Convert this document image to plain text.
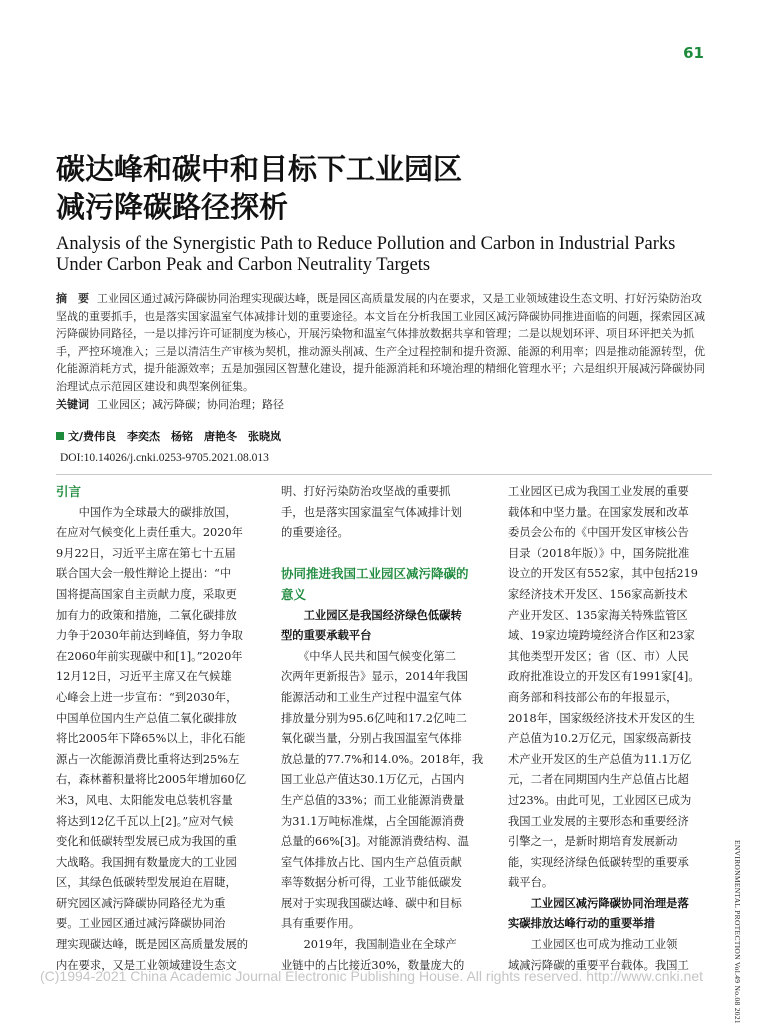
61
碳达峰和碳中和目标下工业园区
减污降碳路径探析
Analysis of the Synergistic Path to Reduce Pollution and Carbon in Industrial Parks
Under Carbon Peak and Carbon Neutrality Targets
摘　要 工业园区通过减污降碳协同治理实现碳达峰，既是园区高质量发展的内在要求，又是工业领域建设生态文明、打好污染防治攻坚战的重要抓手，也是落实国家温室气体减排计划的重要途径。本文旨在分析我国工业园区减污降碳协同推进面临的问题，探索园区减污降碳协同路径，一是以排污许可证制度为核心，开展污染物和温室气体排放数据共享和管理；二是以规划环评、项目环评把关为抓手，严控环境准入；三是以清洁生产审核为契机，推动源头削减、生产全过程控制和提升资源、能源的利用率；四是推动能源转型，优化能源消耗方式，提升能源效率；五是加强园区智慧化建设，提升能源消耗和环境治理的精细化管理水平；六是组织开展减污降碳协同治理试点示范园区建设和典型案例征集。
关键词 工业园区；减污降碳；协同治理；路径
文/ 费伟良　李奕杰　杨铭　唐艳冬　张晓岚
DOI:10.14026/j.cnki.0253-9705.2021.08.013
引言
　　中国作为全球最大的碳排放国，
在应对气候变化上责任重大。2020年
9月22日，习近平主席在第七十五届
联合国大会一般性辩论上提出：“中
国将提高国家自主贡献力度，采取更
加有力的政策和措施，二氧化碳排放
力争于2030年前达到峰值，努力争取
在2060年前实现碳中和[1]。”2020年
12月12日，习近平主席又在气候雄
心峰会上进一步宣布：“到2030年，
中国单位国内生产总值二氧化碳排放
将比2005年下降65%以上，非化石能
源占一次能源消费比重将达到25%左
右，森林蓄积量将比2005年增加60亿
米3，风电、太阳能发电总装机容量
将达到12亿千瓦以上[2]。”应对气候
变化和低碳转型发展已成为我国的重
大战略。我国拥有数量庞大的工业园
区，其绿色低碳转型发展迫在眉睫，
研究园区减污降碳协同路径尤为重
要。工业园区通过减污降碳协同治
理实现碳达峰，既是园区高质量发展的
内在要求，又是工业领域建设生态文
明、打好污染防治攻坚战的重要抓
手，也是落实国家温室气体减排计划
的重要途径。

协同推进我国工业园区减污降碳的
意义
　　工业园区是我国经济绿色低碳转
型的重要承载平台
　　《中华人民共和国气候变化第二
次两年更新报告》显示，2014年我国
能源活动和工业生产过程中温室气体
排放量分别为95.6亿吨和17.2亿吨二
氧化碳当量，分别占我国温室气体排
放总量的77.7%和14.0%。2018年，我
国工业总产值达30.1万亿元，占国内
生产总值的33%；而工业能源消费量
为31.1万吨标准煤，占全国能源消费
总量的66%[3]。对能源消费结构、温
室气体排放占比、国内生产总值贡献
率等数据分析可得，工业节能低碳发
展对于实现我国碳达峰、碳中和目标
具有重要作用。
　　2019年，我国制造业在全球产
业链中的占比接近30%，数量庞大的
工业园区已成为我国工业发展的重要
载体和中坚力量。在国家发展和改革
委员会公布的《中国开发区审核公告
目录（2018年版）》中，国务院批准
设立的开发区有552家，其中包括219
家经济技术开发区、156家高新技术
产业开发区、135家海关特殊监管区
域、19家边境跨境经济合作区和23家
其他类型开发区；省（区、市）人民
政府批准设立的开发区有1991家[4]。
商务部和科技部公布的年报显示，
2018年，国家级经济技术开发区的生
产总值为10.2万亿元，国家级高新技
术产业开发区的生产总值为11.1万亿
元，二者在同期国内生产总值占比超
过23%。由此可见，工业园区已成为
我国工业发展的主要形态和重要经济
引擎之一，是新时期培育发展新动
能，实现经济绿色低碳转型的重要承
载平台。
　　工业园区减污降碳协同治理是落
实碳排放达峰行动的重要举措
　　工业园区也可成为推动工业领
域减污降碳的重要平台载体。我国工	ENVIRONMENTAL PROTECTION Vol.49 No.08 2021
(C)1994-2021 China Academic Journal Electronic Publishing House. All rights reserved. http://www.cnki.net
